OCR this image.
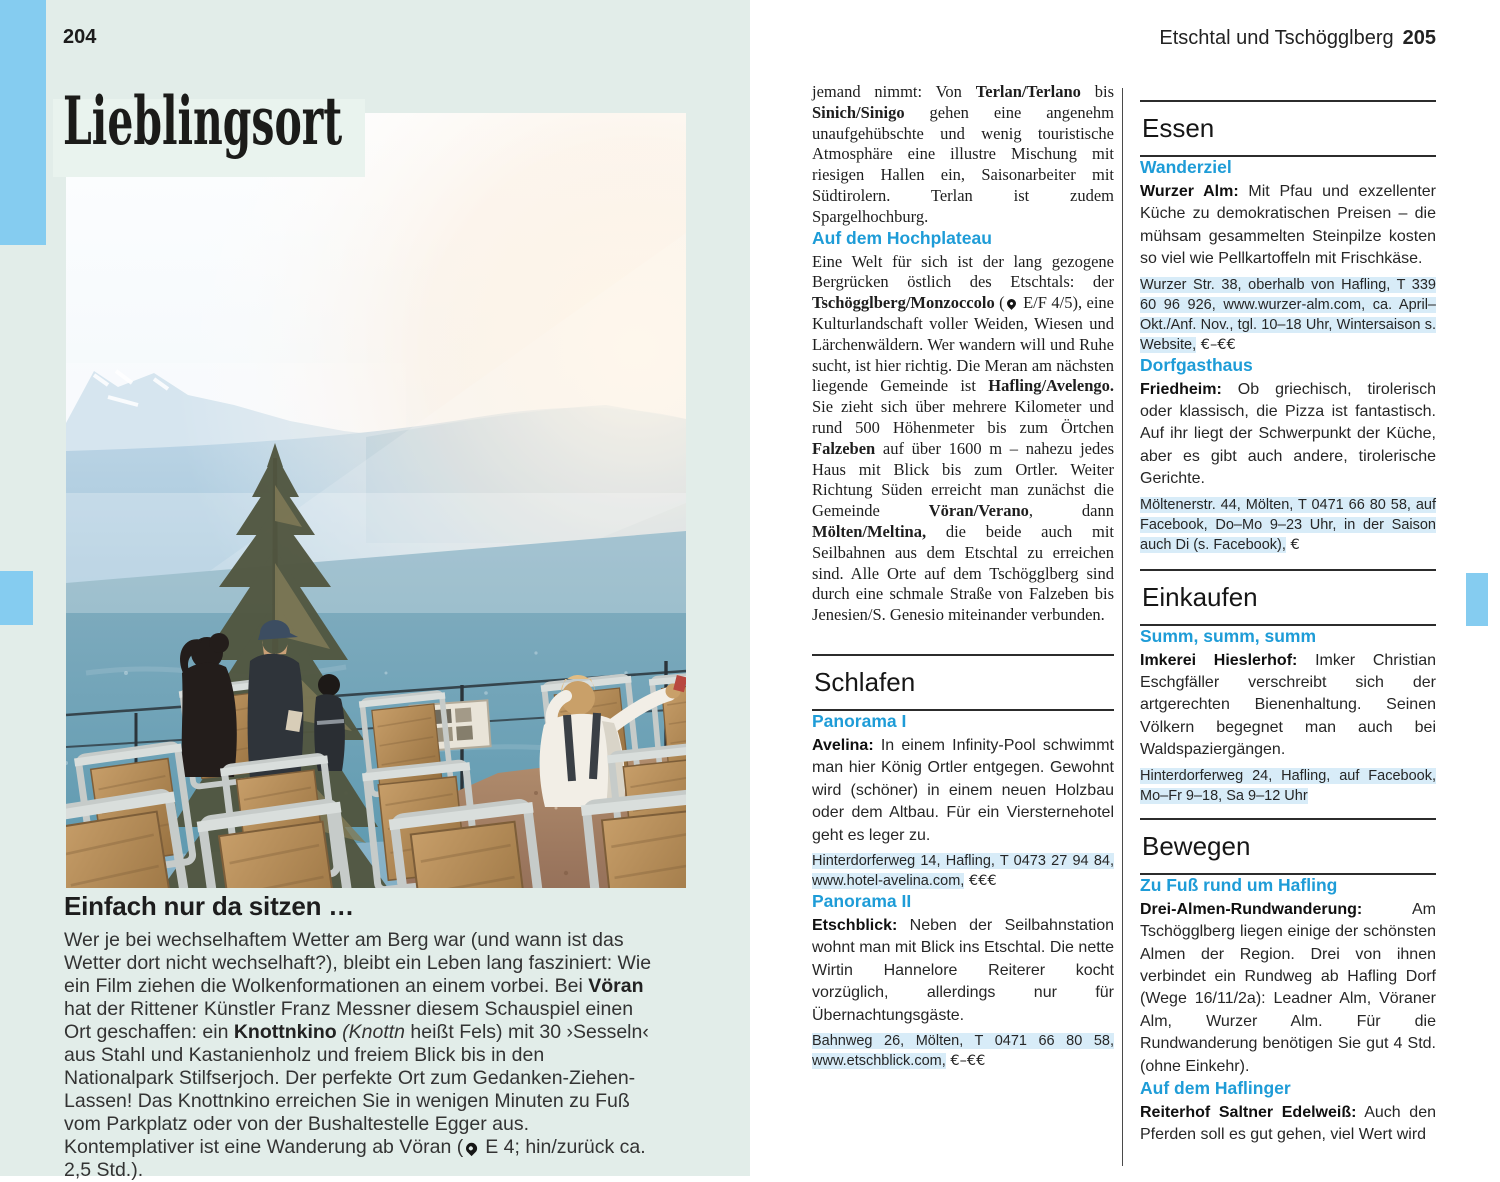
204
Lieblingsort
Einfach nur da sitzen …

Wer je bei wechselhaftem Wetter am Berg war (und wann ist das Wetter dort nicht wechselhaft?), bleibt ein Leben lang fasziniert: Wie ein Film ziehen die Wolkenformationen an einem vorbei. Bei Vöran hat der Rittener Künstler Franz Messner diesem Schauspiel einen Ort geschaffen: ein Knottnkino (Knottn heißt Fels) mit 30 ›Sesseln‹ aus Stahl und Kastanienholz und freiem Blick bis in den Nationalpark Stilfserjoch. Der perfekte Ort zum Gedanken-Ziehen-Lassen! Das Knottnkino erreichen Sie in wenigen Minuten zu Fuß vom Parkplatz oder von der Bushaltestelle Egger aus. Kontemplativer ist eine Wanderung ab Vöran ( E 4; hin/zurück ca. 2,5 Std.).

Etschtal und Tschögglberg 205

jemand nimmt: Von Terlan/Terlano bis Sinich/Sinigo gehen eine angenehm unaufgehübschte und wenig touristische Atmosphäre eine illustre Mischung mit riesigen Hallen ein, Saisonarbeiter mit Südtirolern. Terlan ist zudem Spargelhochburg.

Auf dem Hochplateau

Eine Welt für sich ist der lang gezogene Bergrücken östlich des Etschtals: der Tschögglberg/Monzoccolo ( E/F 4/5), eine Kulturlandschaft voller Weiden, Wiesen und Lärchenwäldern. Wer wandern will und Ruhe sucht, ist hier richtig. Die Meran am nächsten liegende Gemeinde ist Hafling/Avelengo. Sie zieht sich über mehrere Kilometer und rund 500 Höhenmeter bis zum Örtchen Falzeben auf über 1600 m – nahezu jedes Haus mit Blick bis zum Ortler. Weiter Richtung Süden erreicht man zunächst die Gemeinde Vöran/Verano, dann Mölten/Meltina, die beide auch mit Seilbahnen aus dem Etschtal zu erreichen sind. Alle Orte auf dem Tschögglberg sind durch eine schmale Straße von Falzeben bis Jenesien/S. Genesio miteinander verbunden.

Schlafen
Panorama I

Avelina: In einem Infinity-Pool schwimmt man hier König Ortler entgegen. Gewohnt wird (schöner) in einem neuen Holzbau oder dem Altbau. Für ein Viersternehotel geht es leger zu.

Hinterdorferweg 14, Hafling, T 0473 27 94 84, www.hotel-avelina.com, €€€

Panorama II

Etschblick: Neben der Seilbahnstation wohnt man mit Blick ins Etschtal. Die nette Wirtin Hannelore Reiterer kocht vorzüglich, allerdings nur für Übernachtungsgäste.

Bahnweg 26, Mölten, T 0471 66 80 58, www.etschblick.com, €–€€

Essen
Wanderziel

Wurzer Alm: Mit Pfau und exzellenter Küche zu demokratischen Preisen – die mühsam gesammelten Steinpilze kosten so viel wie Pellkartoffeln mit Frischkäse.

Wurzer Str. 38, oberhalb von Hafling, T 339 60 96 926, www.wurzer-alm.com, ca. April–Okt./Anf. Nov., tgl. 10–18 Uhr, Wintersaison s. Website, €–€€

Dorfgasthaus

Friedheim: Ob griechisch, tirolerisch oder klassisch, die Pizza ist fantastisch. Auf ihr liegt der Schwerpunkt der Küche, aber es gibt auch andere, tirolerische Gerichte.

Möltenerstr. 44, Mölten, T 0471 66 80 58, auf Facebook, Do–Mo 9–23 Uhr, in der Saison auch Di (s. Facebook), €

Einkaufen
Summ, summ, summ

Imkerei Hieslerhof: Imker Christian Eschgfäller verschreibt sich der artgerechten Bienenhaltung. Seinen Völkern begegnet man auch bei Waldspaziergängen.

Hinterdorferweg 24, Hafling, auf Facebook, Mo–Fr 9–18, Sa 9–12 Uhr

Bewegen
Zu Fuß rund um Hafling

Drei-Almen-Rundwanderung: Am Tschögglberg liegen einige der schönsten Almen der Region. Drei von ihnen verbindet ein Rundweg ab Hafling Dorf (Wege 16/11/2a): Leadner Alm, Vöraner Alm, Wurzer Alm. Für die Rundwanderung benötigen Sie gut 4 Std. (ohne Einkehr).

Auf dem Haflinger

Reiterhof Saltner Edelweiß: Auch den Pferden soll es gut gehen, viel Wert wird
